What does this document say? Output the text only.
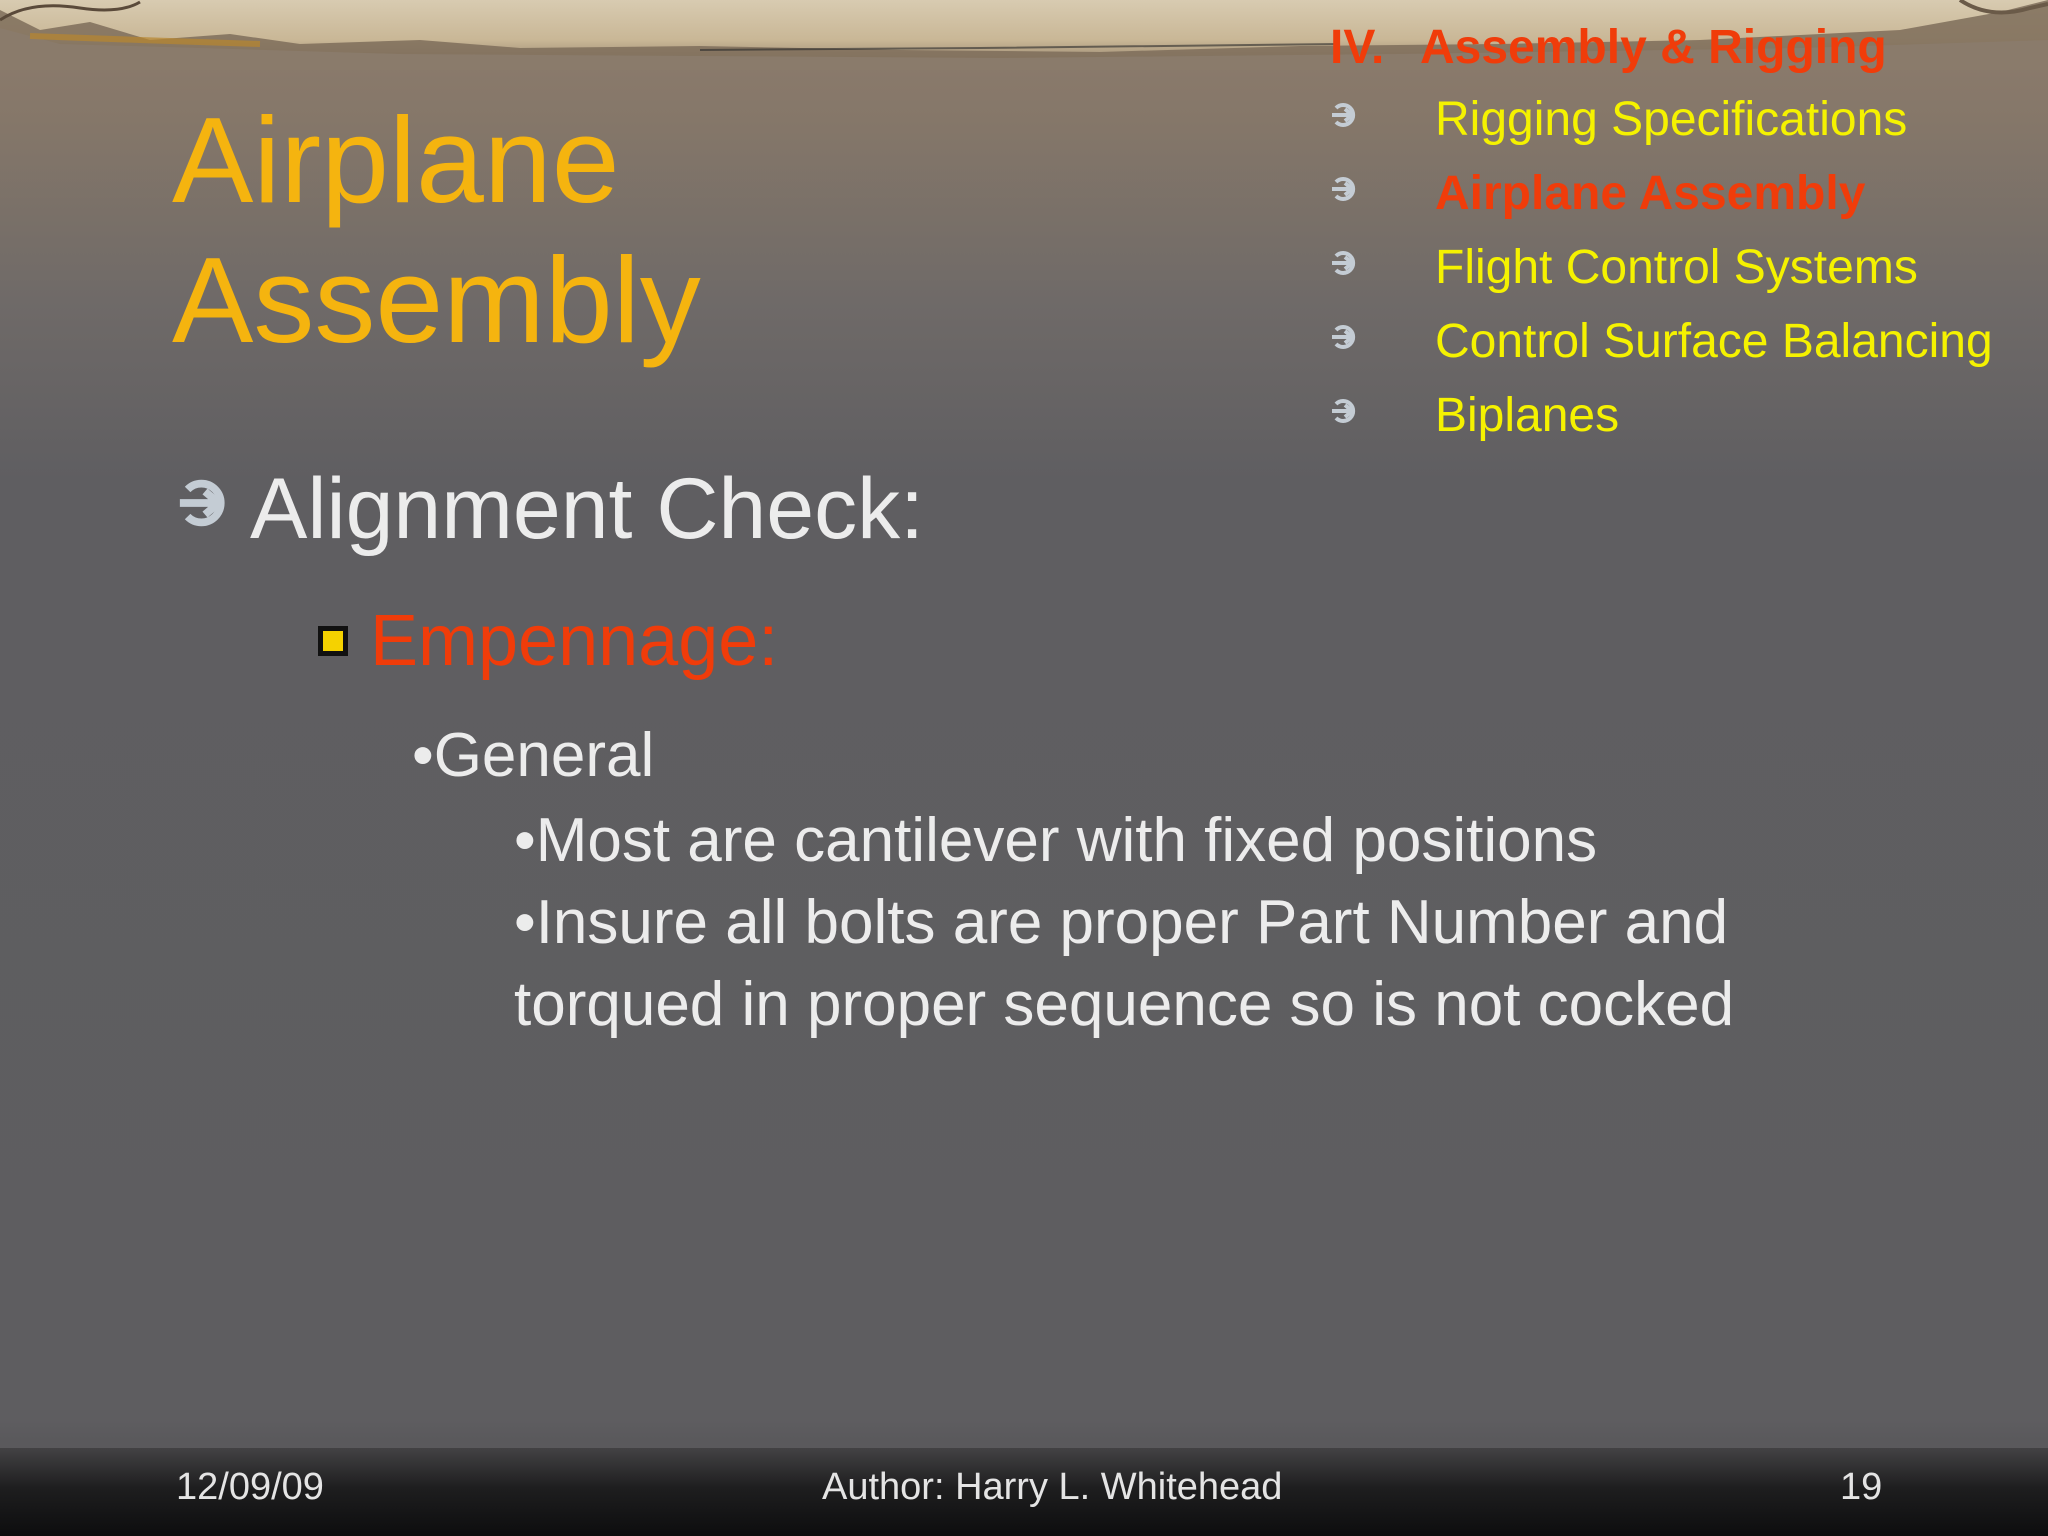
Airplane
Assembly
IV. Assembly & Rigging
Rigging Specifications
Airplane Assembly
Flight Control Systems
Control Surface Balancing
Biplanes
Alignment Check:
Empennage:
•General
•Most are cantilever with fixed positions
•Insure all bolts are proper Part Number and torqued in proper sequence so is not cocked
12/09/09	Author: Harry L. Whitehead	19
